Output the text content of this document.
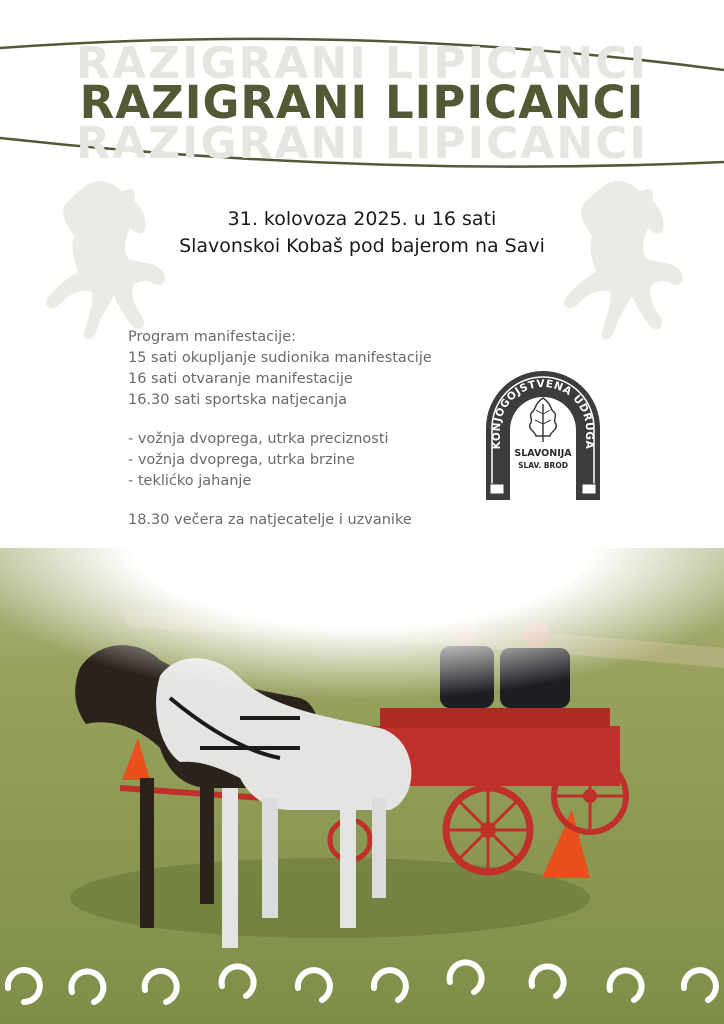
RAZIGRANI LIPICANCI
RAZIGRANI LIPICANCI
RAZIGRANI LIPICANCI
31. kolovoza 2025. u 16 sati
Slavonskoi Kobaš pod bajerom na Savi
Program manifestacije:
15 sati okupljanje sudionika manifestacije
16 sati otvaranje manifestacije
16.30 sati sportska natjecanja
- vožnja dvoprega, utrka preciznosti
- vožnja dvoprega, utrka brzine
- teklićko jahanje
18.30 večera za natjecatelje i uzvanike
KONJOGOJSTVENA UDRUGA
SLAVONIJA
SLAV. BROD
